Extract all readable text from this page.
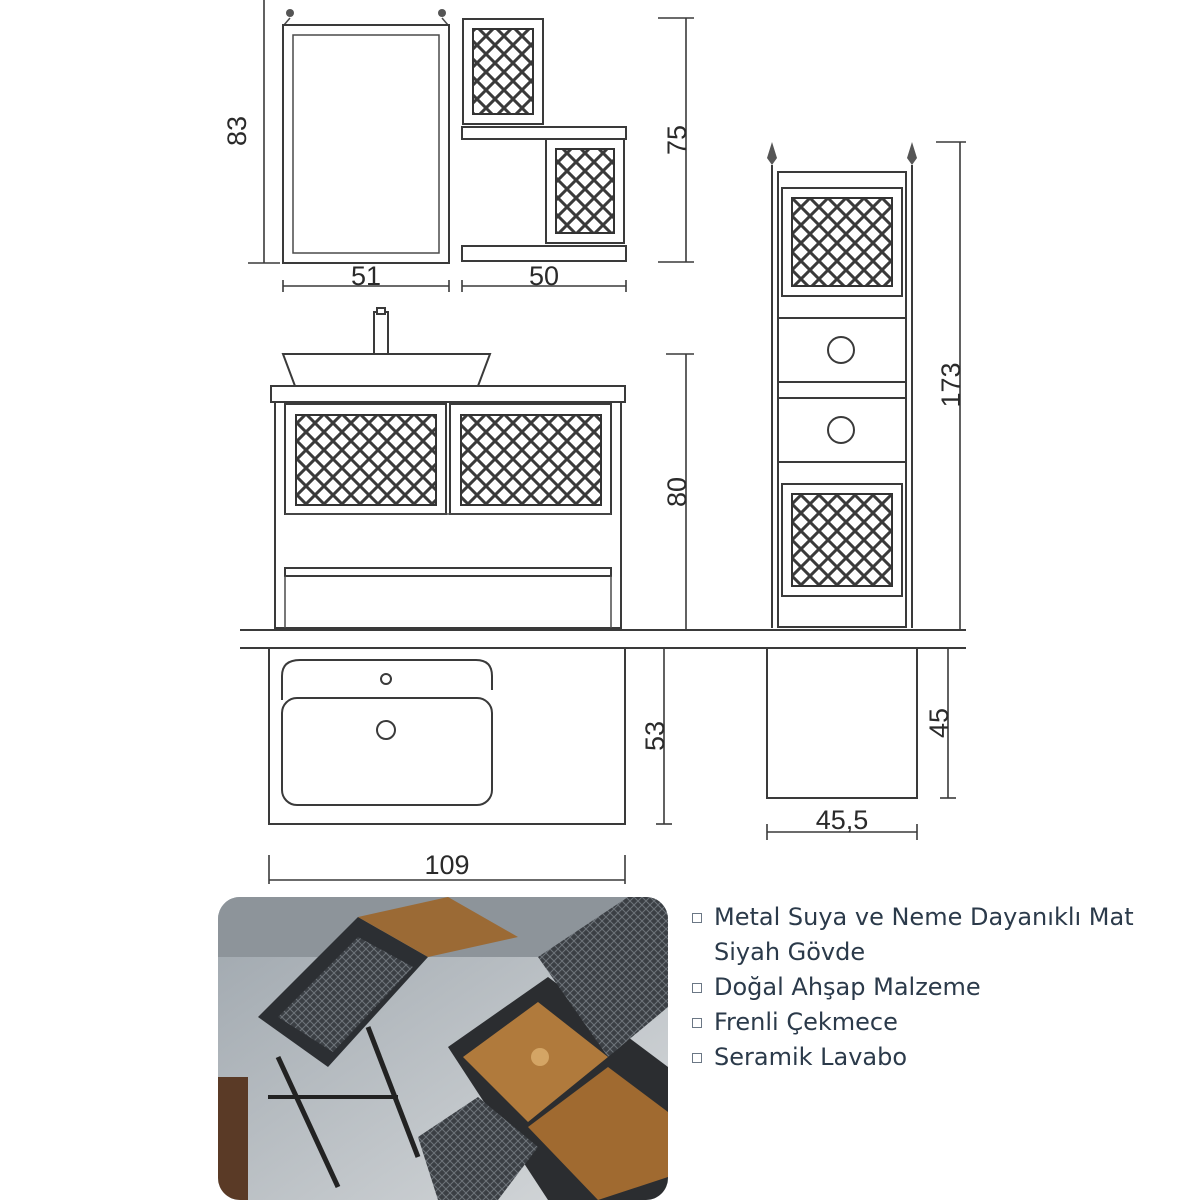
83
51	50
75
80
173
53	45
45,5
109
Metal Suya ve Neme Dayanıklı Mat Siyah Gövde
Doğal Ahşap Malzeme
Frenli Çekmece
Seramik Lavabo
